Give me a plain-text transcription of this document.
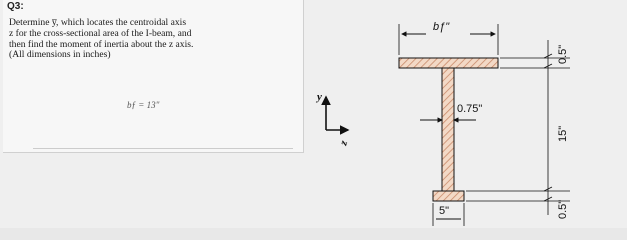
Q3:
Determine y̅, which locates the centroidal axis
z for the cross-sectional area of the I-beam, and
then find the moment of inertia about the z axis.
(All dimensions in inches)
bƒ = 13"
y
z
bƒ"
0.75"
5"
0.5"
15"
0.5"
